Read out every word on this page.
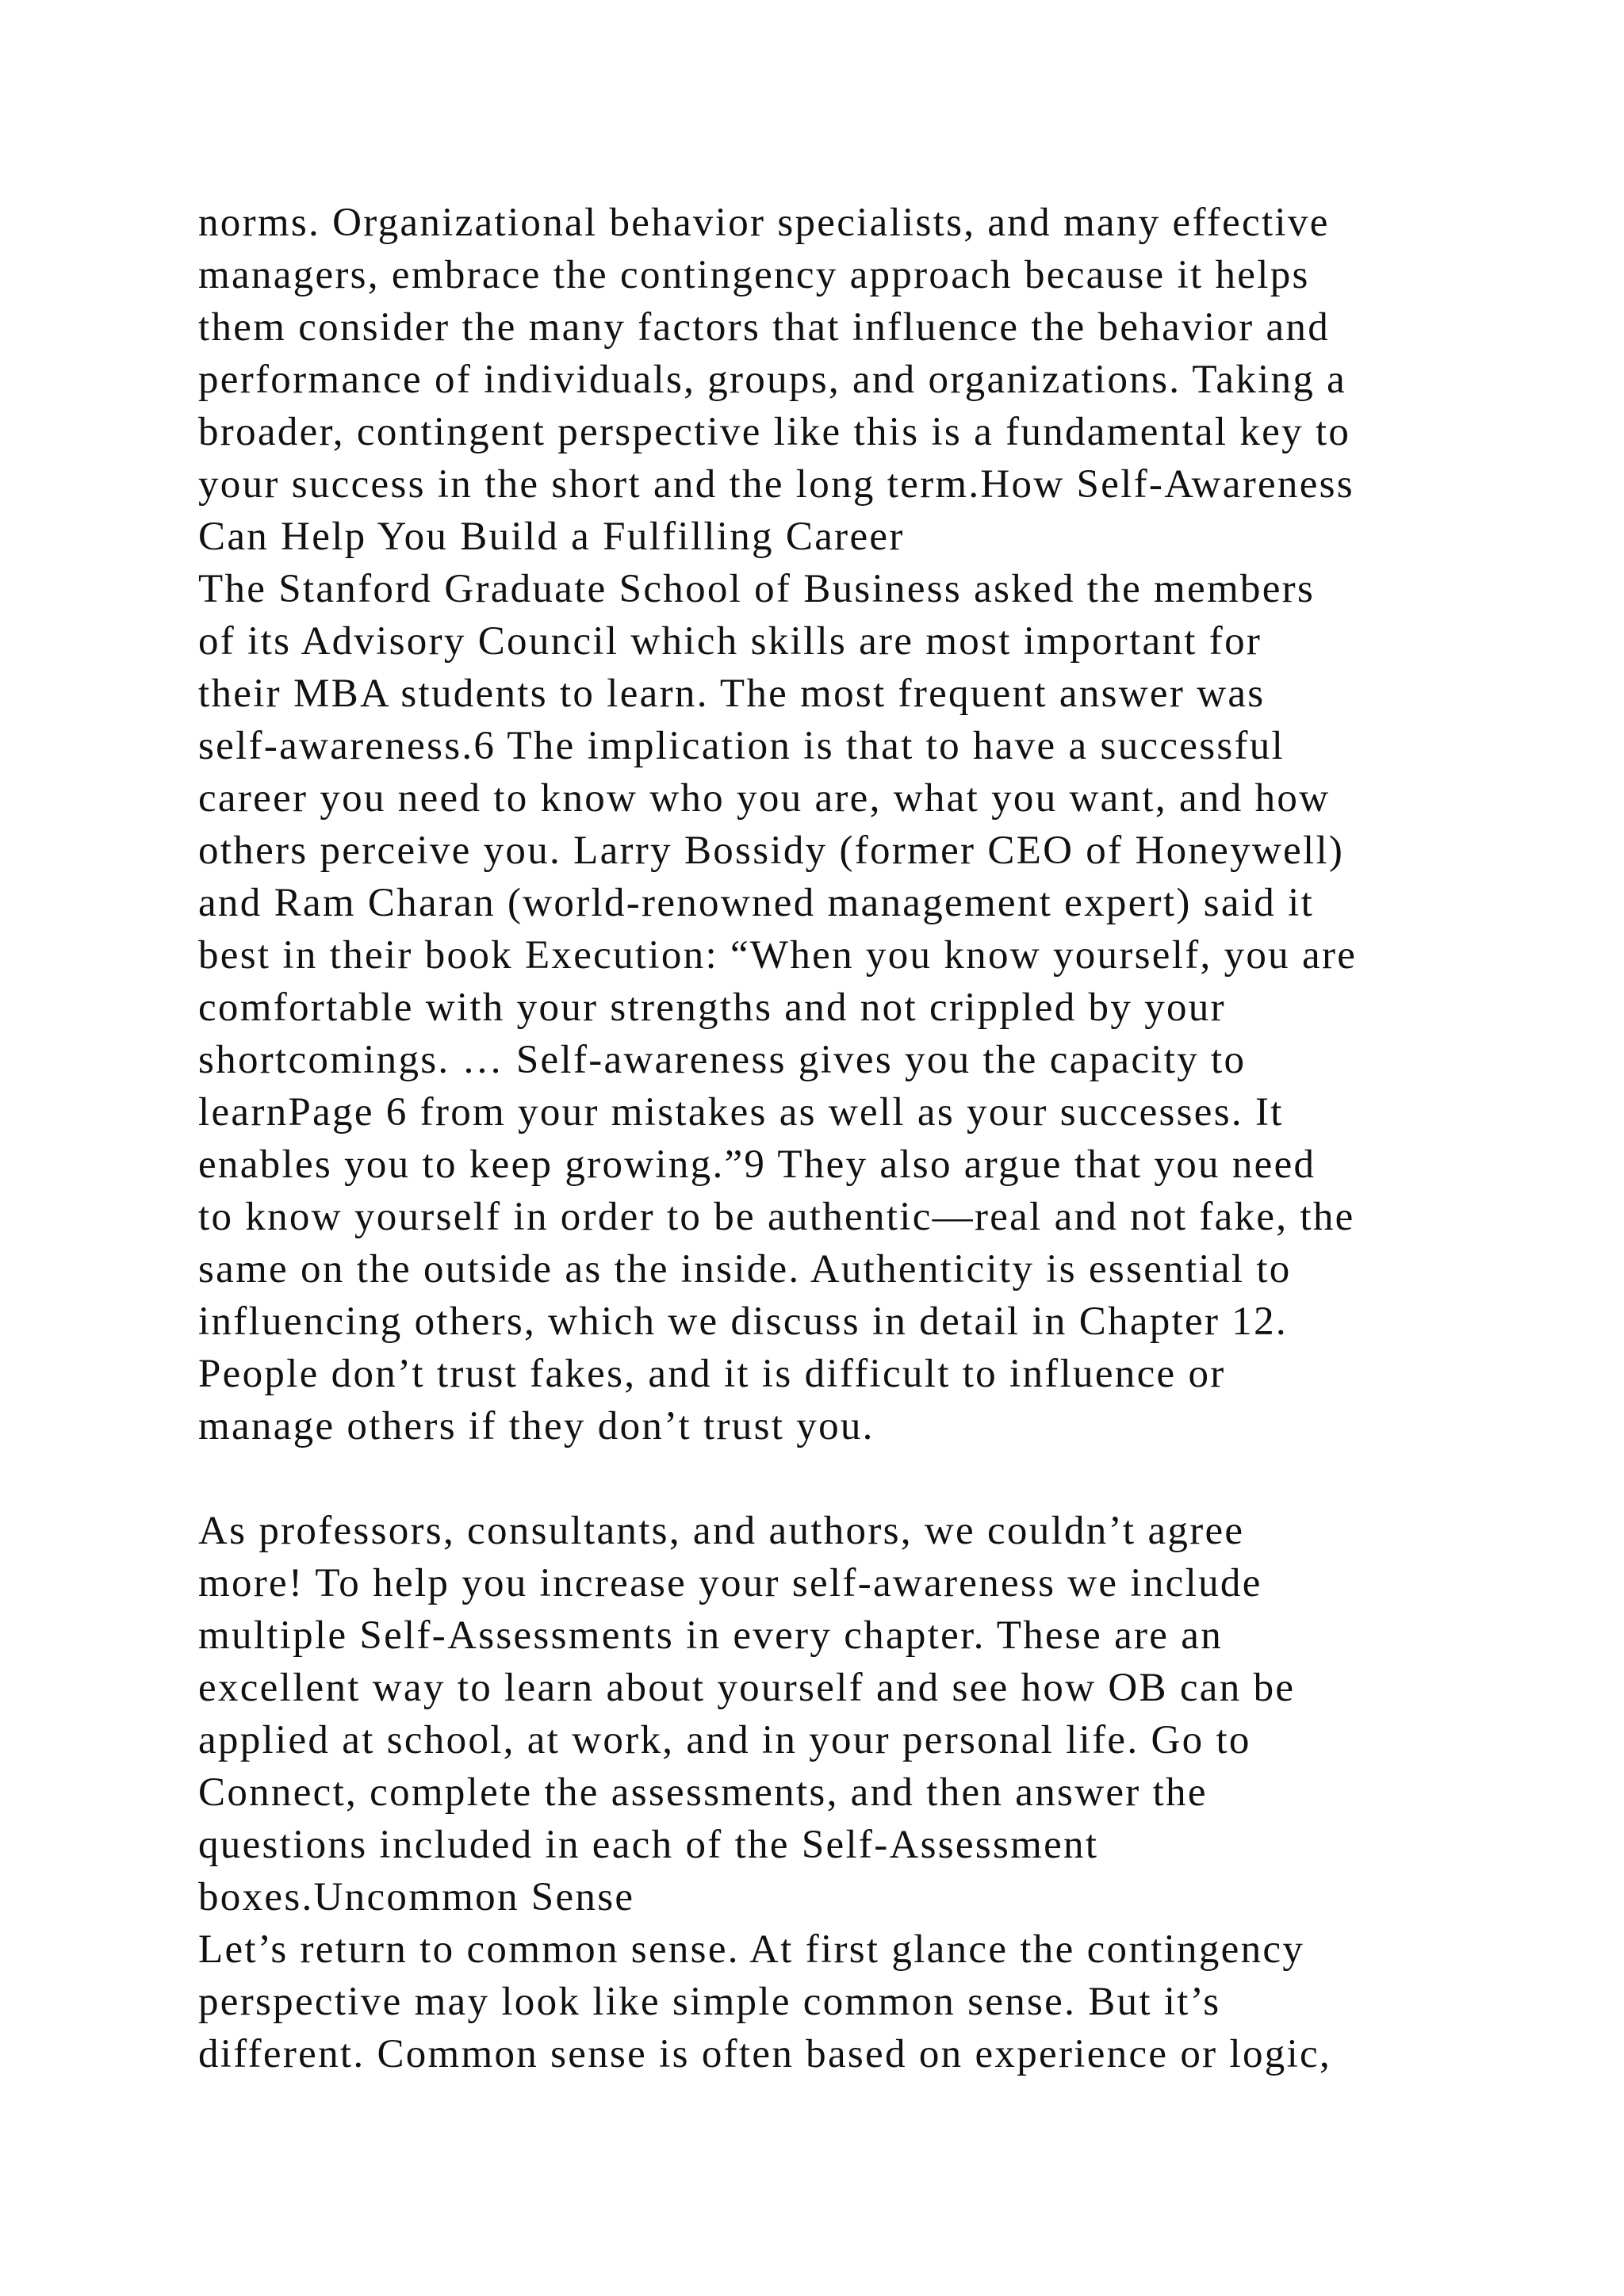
norms. Organizational behavior specialists, and many effective
managers, embrace the contingency approach because it helps
them consider the many factors that influence the behavior and
performance of individuals, groups, and organizations. Taking a
broader, contingent perspective like this is a fundamental key to
your success in the short and the long term.How Self-Awareness
Can Help You Build a Fulfilling Career
The Stanford Graduate School of Business asked the members
of its Advisory Council which skills are most important for
their MBA students to learn. The most frequent answer was
self-awareness.6 The implication is that to have a successful
career you need to know who you are, what you want, and how
others perceive you. Larry Bossidy (former CEO of Honeywell)
and Ram Charan (world-renowned management expert) said it
best in their book Execution: “When you know yourself, you are
comfortable with your strengths and not crippled by your
shortcomings. … Self-awareness gives you the capacity to
learnPage 6 from your mistakes as well as your successes. It
enables you to keep growing.”9 They also argue that you need
to know yourself in order to be authentic—real and not fake, the
same on the outside as the inside. Authenticity is essential to
influencing others, which we discuss in detail in Chapter 12.
People don’t trust fakes, and it is difficult to influence or
manage others if they don’t trust you.
As professors, consultants, and authors, we couldn’t agree
more! To help you increase your self-awareness we include
multiple Self-Assessments in every chapter. These are an
excellent way to learn about yourself and see how OB can be
applied at school, at work, and in your personal life. Go to
Connect, complete the assessments, and then answer the
questions included in each of the Self-Assessment
boxes.Uncommon Sense
Let’s return to common sense. At first glance the contingency
perspective may look like simple common sense. But it’s
different. Common sense is often based on experience or logic,
